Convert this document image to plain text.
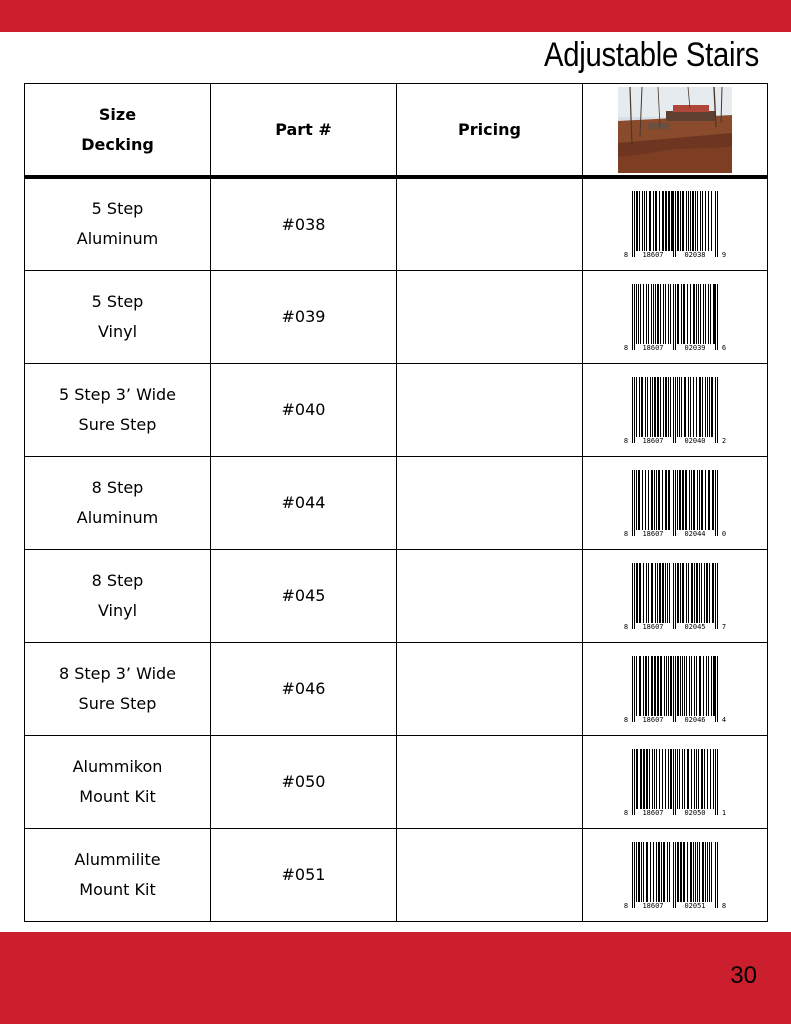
Adjustable Stairs
Size
Decking	Part #	Pricing	

5 Step
Aluminum	#038		8 18607 02038 9

5 Step
Vinyl	#039		8 18607 02039 6

5 Step 3’ Wide
Sure Step	#040		8 18607 02040 2

8 Step
Aluminum	#044		8 18607 02044 0

8 Step
Vinyl	#045		8 18607 02045 7

8 Step 3’ Wide
Sure Step	#046		8 18607 02046 4

Alummikon
Mount Kit	#050		8 18607 02050 1

Alummilite
Mount Kit	#051		8 18607 02051 8
30
